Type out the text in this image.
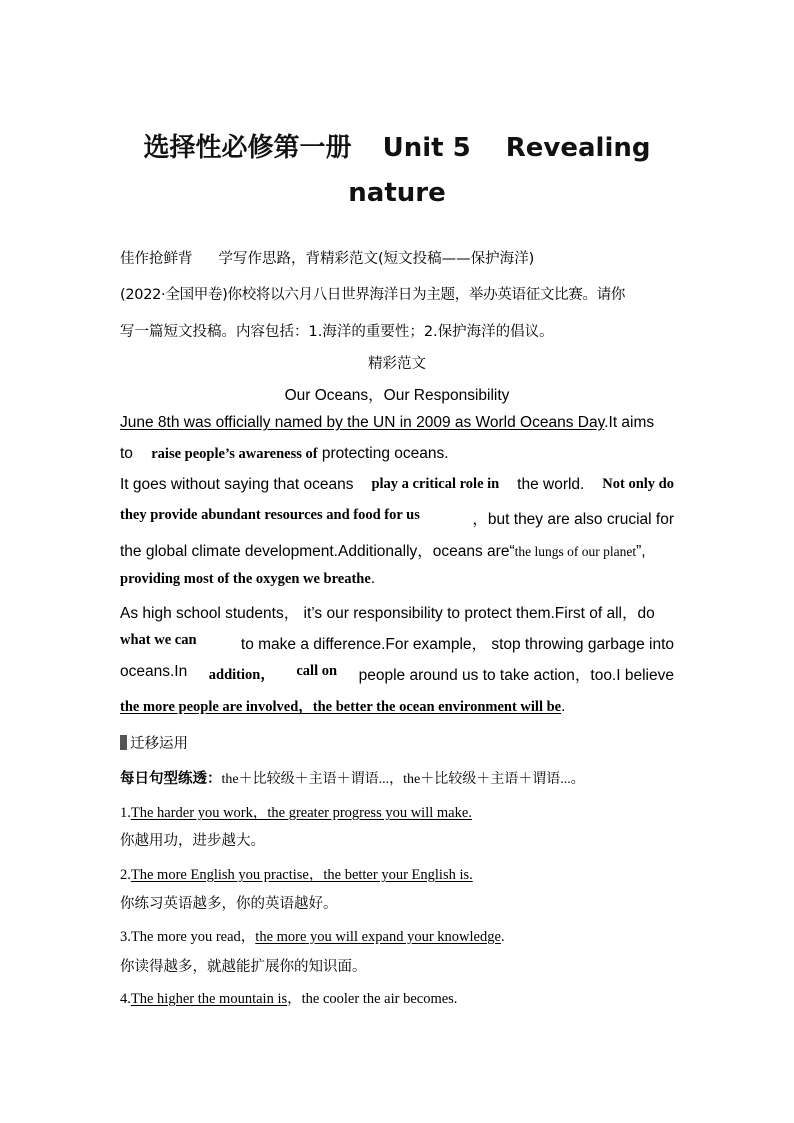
选择性必修第一册 Unit 5 Revealing
nature
佳作抢鲜背 学写作思路，背精彩范文(短文投稿——保护海洋)
(2022·全国甲卷)你校将以六月八日世界海洋日为主题，举办英语征文比赛。请你
写一篇短文投稿。内容包括：1.海洋的重要性；2.保护海洋的倡议。
精彩范文
Our Oceans，Our Responsibility
June 8th was officially named by the UN in 2009 as World Oceans Day.It aims
to raise people’s awareness of protecting oceans.
It goes without saying that oceans play a critical role in the world. Not only do
they provide abundant resources and food for us	，but they are also crucial for
the global climate development.Additionally，oceans are“the lungs of our planet”,
providing most of the oxygen we breathe.
As high school students， it’s our responsibility to protect them.First of all，do
what we can	to make a difference.For example， stop throwing garbage into
oceans.In addition， call on people around us to take action，too.I believe
the more people are involved，the better the ocean environment will be.
迁移运用
每日句型练透：the＋比较级＋主语＋谓语...，the＋比较级＋主语＋谓语...。
1.The harder you work，the greater progress you will make.
你越用功，进步越大。
2.The more English you practise，the better your English is.
你练习英语越多，你的英语越好。
3.The more you read，the more you will expand your knowledge.
你读得越多，就越能扩展你的知识面。
4.The higher the mountain is，the cooler the air becomes.
